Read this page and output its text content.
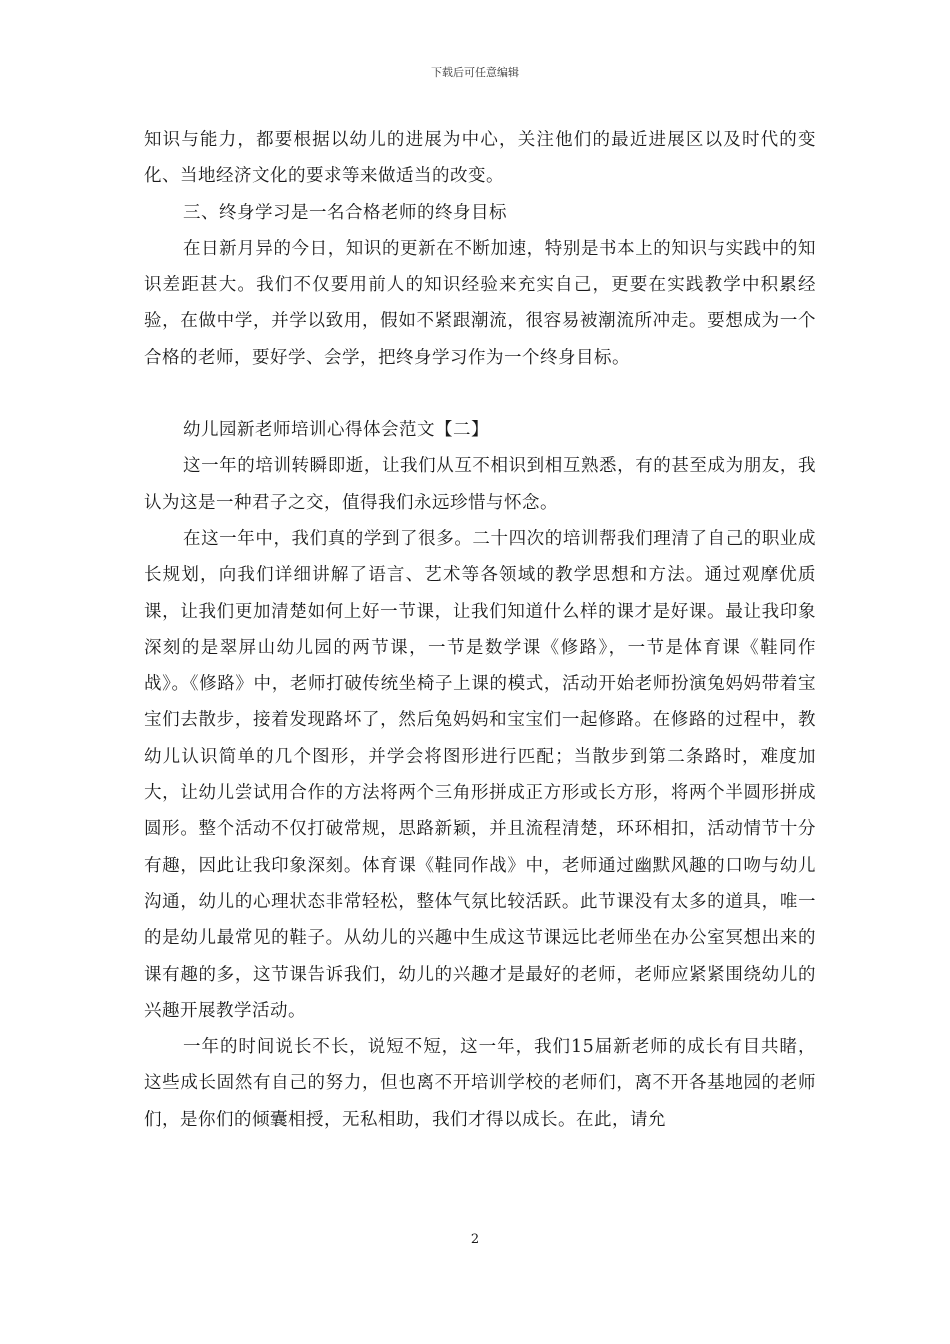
下载后可任意编辑

知识与能力，都要根据以幼儿的进展为中心，关注他们的最近进展区以及时代的变化、当地经济文化的要求等来做适当的改变。

三、终身学习是一名合格老师的终身目标

在日新月异的今日，知识的更新在不断加速，特别是书本上的知识与实践中的知识差距甚大。我们不仅要用前人的知识经验来充实自己，更要在实践教学中积累经验，在做中学，并学以致用，假如不紧跟潮流，很容易被潮流所冲走。要想成为一个合格的老师，要好学、会学，把终身学习作为一个终身目标。

幼儿园新老师培训心得体会范文【二】

这一年的培训转瞬即逝，让我们从互不相识到相互熟悉，有的甚至成为朋友，我认为这是一种君子之交，值得我们永远珍惜与怀念。

在这一年中，我们真的学到了很多。二十四次的培训帮我们理清了自己的职业成长规划，向我们详细讲解了语言、艺术等各领域的教学思想和方法。通过观摩优质课，让我们更加清楚如何上好一节课，让我们知道什么样的课才是好课。最让我印象深刻的是翠屏山幼儿园的两节课，一节是数学课《修路》，一节是体育课《鞋同作战》。《修路》中，老师打破传统坐椅子上课的模式，活动开始老师扮演兔妈妈带着宝宝们去散步，接着发现路坏了，然后兔妈妈和宝宝们一起修路。在修路的过程中，教幼儿认识简单的几个图形，并学会将图形进行匹配；当散步到第二条路时，难度加大，让幼儿尝试用合作的方法将两个三角形拼成正方形或长方形，将两个半圆形拼成圆形。整个活动不仅打破常规，思路新颖，并且流程清楚，环环相扣，活动情节十分有趣，因此让我印象深刻。体育课《鞋同作战》中，老师通过幽默风趣的口吻与幼儿沟通，幼儿的心理状态非常轻松，整体气氛比较活跃。此节课没有太多的道具，唯一的是幼儿最常见的鞋子。从幼儿的兴趣中生成这节课远比老师坐在办公室冥想出来的课有趣的多，这节课告诉我们，幼儿的兴趣才是最好的老师，老师应紧紧围绕幼儿的兴趣开展教学活动。

一年的时间说长不长，说短不短，这一年，我们15届新老师的成长有目共睹，这些成长固然有自己的努力，但也离不开培训学校的老师们，离不开各基地园的老师们，是你们的倾囊相授，无私相助，我们才得以成长。在此，请允

2
